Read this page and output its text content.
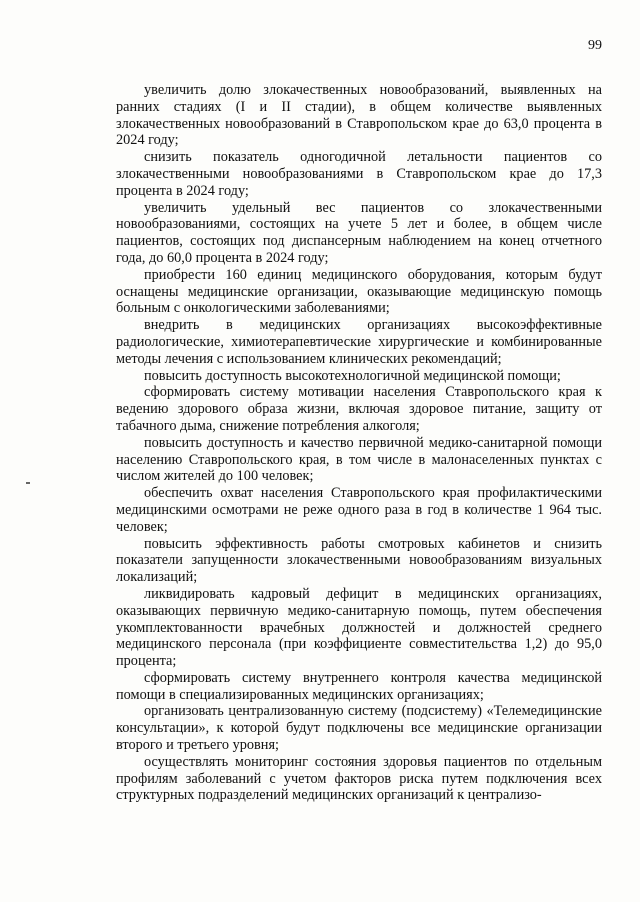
99

увеличить долю злокачественных новообразований, выявленных на ранних стадиях (I и II стадии), в общем количестве выявленных злокачественных новообразований в Ставропольском крае до 63,0 процента в 2024 году;

снизить показатель одногодичной летальности пациентов со злокачественными новообразованиями в Ставропольском крае до 17,3 процента в 2024 году;

увеличить удельный вес пациентов со злокачественными новообразованиями, состоящих на учете 5 лет и более, в общем числе пациентов, состоящих под диспансерным наблюдением на конец отчетного года, до 60,0 процента в 2024 году;

приобрести 160 единиц медицинского оборудования, которым будут оснащены медицинские организации, оказывающие медицинскую помощь больным с онкологическими заболеваниями;

внедрить в медицинских организациях высокоэффективные радиологические, химиотерапевтические хирургические и комбинированные методы лечения с использованием клинических рекомендаций;

повысить доступность высокотехнологичной медицинской помощи;

сформировать систему мотивации населения Ставропольского края к ведению здорового образа жизни, включая здоровое питание, защиту от табачного дыма, снижение потребления алкоголя;

повысить доступность и качество первичной медико-санитарной помощи населению Ставропольского края, в том числе в малонаселенных пунктах с числом жителей до 100 человек;

обеспечить охват населения Ставропольского края профилактическими медицинскими осмотрами не реже одного раза в год в количестве 1 964 тыс. человек;

повысить эффективность работы смотровых кабинетов и снизить показатели запущенности злокачественными новообразованиям визуальных локализаций;

ликвидировать кадровый дефицит в медицинских организациях, оказывающих первичную медико-санитарную помощь, путем обеспечения укомплектованности врачебных должностей и должностей среднего медицинского персонала (при коэффициенте совместительства 1,2) до 95,0 процента;

сформировать систему внутреннего контроля качества медицинской помощи в специализированных медицинских организациях;

организовать централизованную систему (подсистему) «Телемедицинские консультации», к которой будут подключены все медицинские организации второго и третьего уровня;

осуществлять мониторинг состояния здоровья пациентов по отдельным профилям заболеваний с учетом факторов риска путем подключения всех структурных подразделений медицинских организаций к централизо-
